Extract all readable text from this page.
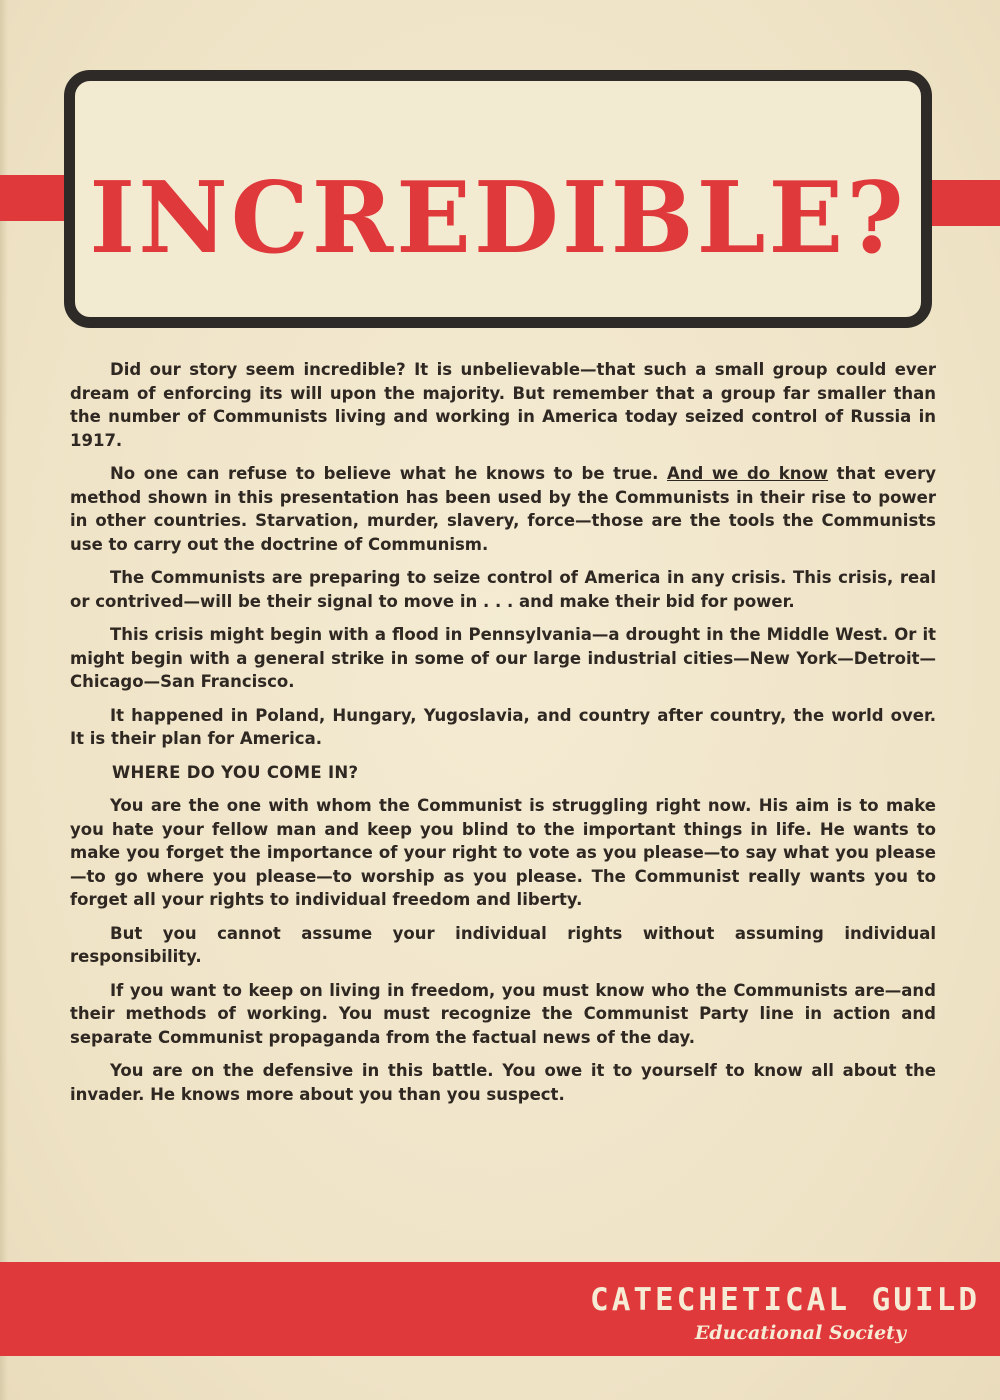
INCREDIBLE?

Did our story seem incredible? It is unbelievable—that such a small group could ever dream of enforcing its will upon the majority. But remember that a group far smaller than the number of Communists living and working in America today seized control of Russia in 1917.

No one can refuse to believe what he knows to be true. And we do know that every method shown in this presentation has been used by the Communists in their rise to power in other countries. Starvation, murder, slavery, force—those are the tools the Communists use to carry out the doctrine of Communism.

The Communists are preparing to seize control of America in any crisis. This crisis, real or contrived—will be their signal to move in . . . and make their bid for power.

This crisis might begin with a flood in Pennsylvania—a drought in the Middle West. Or it might begin with a general strike in some of our large industrial cities—New York—Detroit—Chicago—San Francisco.

It happened in Poland, Hungary, Yugoslavia, and country after country, the world over. It is their plan for America.

WHERE DO YOU COME IN?

You are the one with whom the Communist is struggling right now. His aim is to make you hate your fellow man and keep you blind to the important things in life. He wants to make you forget the importance of your right to vote as you please—to say what you please—to go where you please—to worship as you please. The Communist really wants you to forget all your rights to individual freedom and liberty.

But you cannot assume your individual rights without assuming individual responsibility.

If you want to keep on living in freedom, you must know who the Communists are—and their methods of working. You must recognize the Communist Party line in action and separate Communist propaganda from the factual news of the day.

You are on the defensive in this battle. You owe it to yourself to know all about the invader. He knows more about you than you suspect.

CATECHETICAL GUILD
Educational Society
